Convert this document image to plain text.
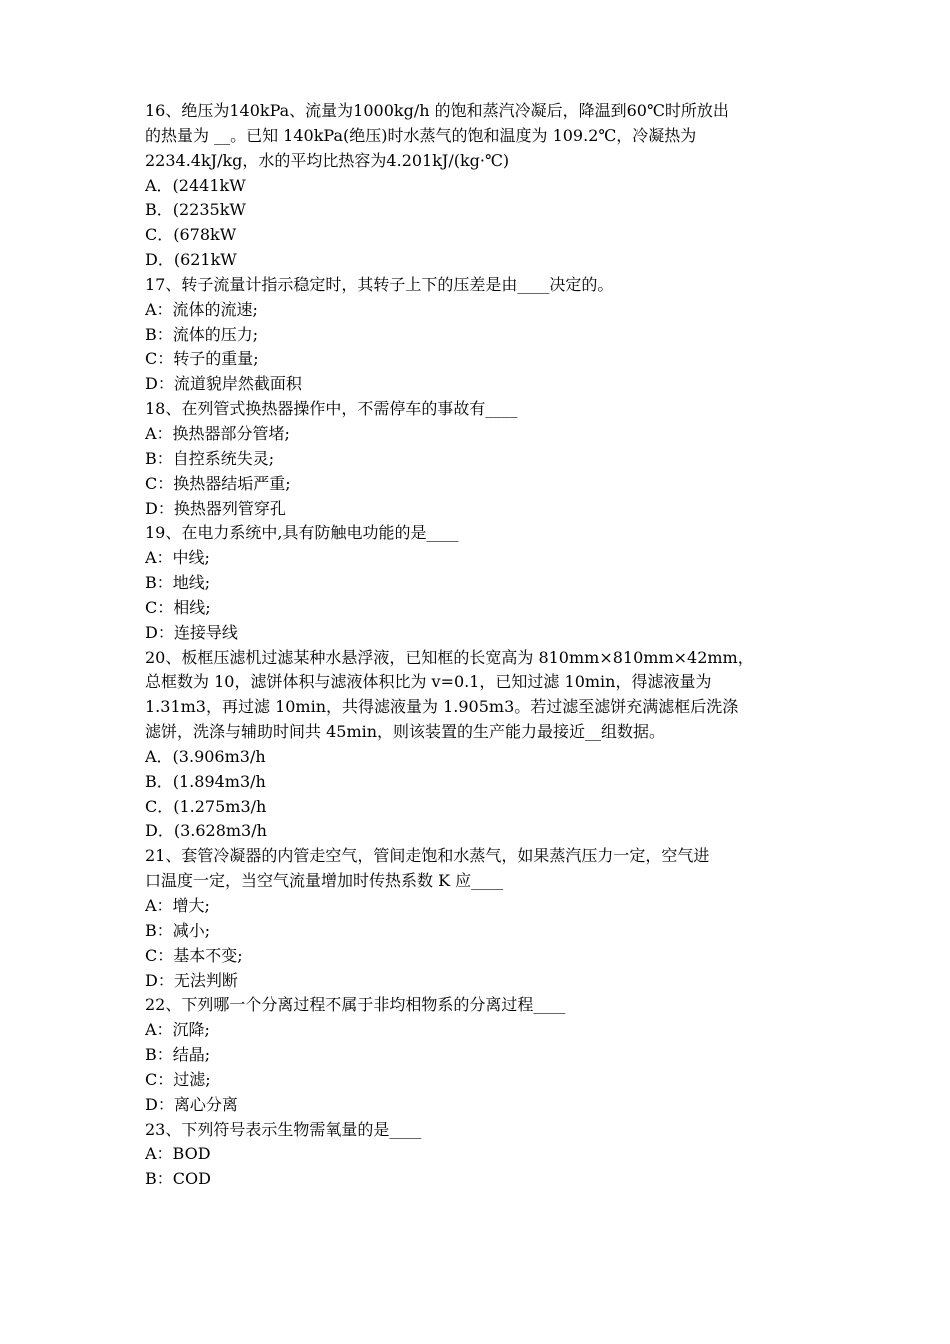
16、绝压为140kPa、流量为1000kg/h 的饱和蒸汽冷凝后，降温到60℃时所放出
的热量为 __。已知 140kPa(绝压)时水蒸气的饱和温度为 109.2℃，冷凝热为
2234.4kJ/kg，水的平均比热容为4.201kJ/(kg·℃)
A．(2441kW
B．(2235kW
C．(678kW
D．(621kW
17、转子流量计指示稳定时，其转子上下的压差是由____决定的。
A：流体的流速;
B：流体的压力;
C：转子的重量;
D：流道貌岸然截面积
18、在列管式换热器操作中，不需停车的事故有____
A：换热器部分管堵;
B：自控系统失灵;
C：换热器结垢严重;
D：换热器列管穿孔
19、在电力系统中,具有防触电功能的是____
A：中线;
B：地线;
C：相线;
D：连接导线
20、板框压滤机过滤某种水悬浮液，已知框的长宽高为 810mm×810mm×42mm，
总框数为 10，滤饼体积与滤液体积比为 v=0.1，已知过滤 10min，得滤液量为
1.31m3，再过滤 10min，共得滤液量为 1.905m3。若过滤至滤饼充满滤框后洗涤
滤饼，洗涤与辅助时间共 45min，则该装置的生产能力最接近__组数据。
A．(3.906m3/h
B．(1.894m3/h
C．(1.275m3/h
D．(3.628m3/h
21、套管冷凝器的内管走空气，管间走饱和水蒸气，如果蒸汽压力一定，空气进
口温度一定，当空气流量增加时传热系数 K 应____
A：增大;
B：减小;
C：基本不变;
D：无法判断
22、下列哪一个分离过程不属于非均相物系的分离过程____
A：沉降;
B：结晶;
C：过滤;
D：离心分离
23、下列符号表示生物需氧量的是____
A：BOD
B：COD
